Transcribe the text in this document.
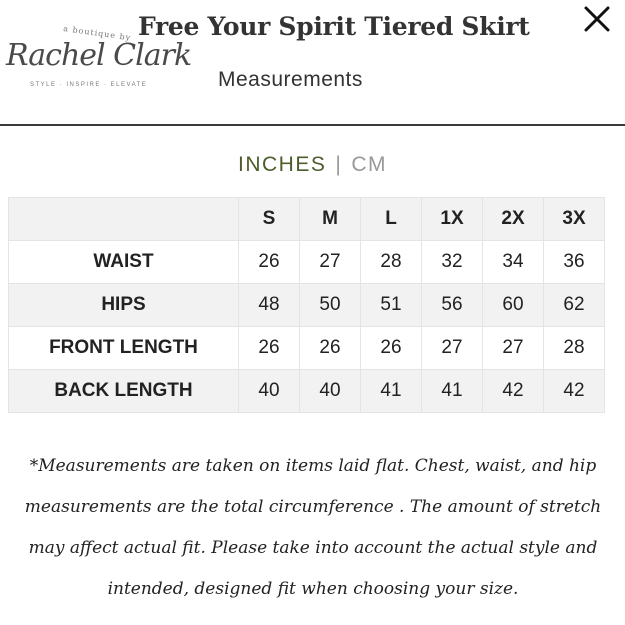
a boutique by
Rachel Clark
STYLE · INSPIRE · ELEVATE
Free Your Spirit Tiered Skirt
Measurements
INCHES | CM
	S	M	L	1X	2X	3X
WAIST	26	27	28	32	34	36
HIPS	48	50	51	56	60	62
FRONT LENGTH	26	26	26	27	27	28
BACK LENGTH	40	40	41	41	42	42

*Measurements are taken on items laid flat. Chest, waist, and hip measurements are the total circumference . The amount of stretch may affect actual fit. Please take into account the actual style and intended, designed fit when choosing your size.
